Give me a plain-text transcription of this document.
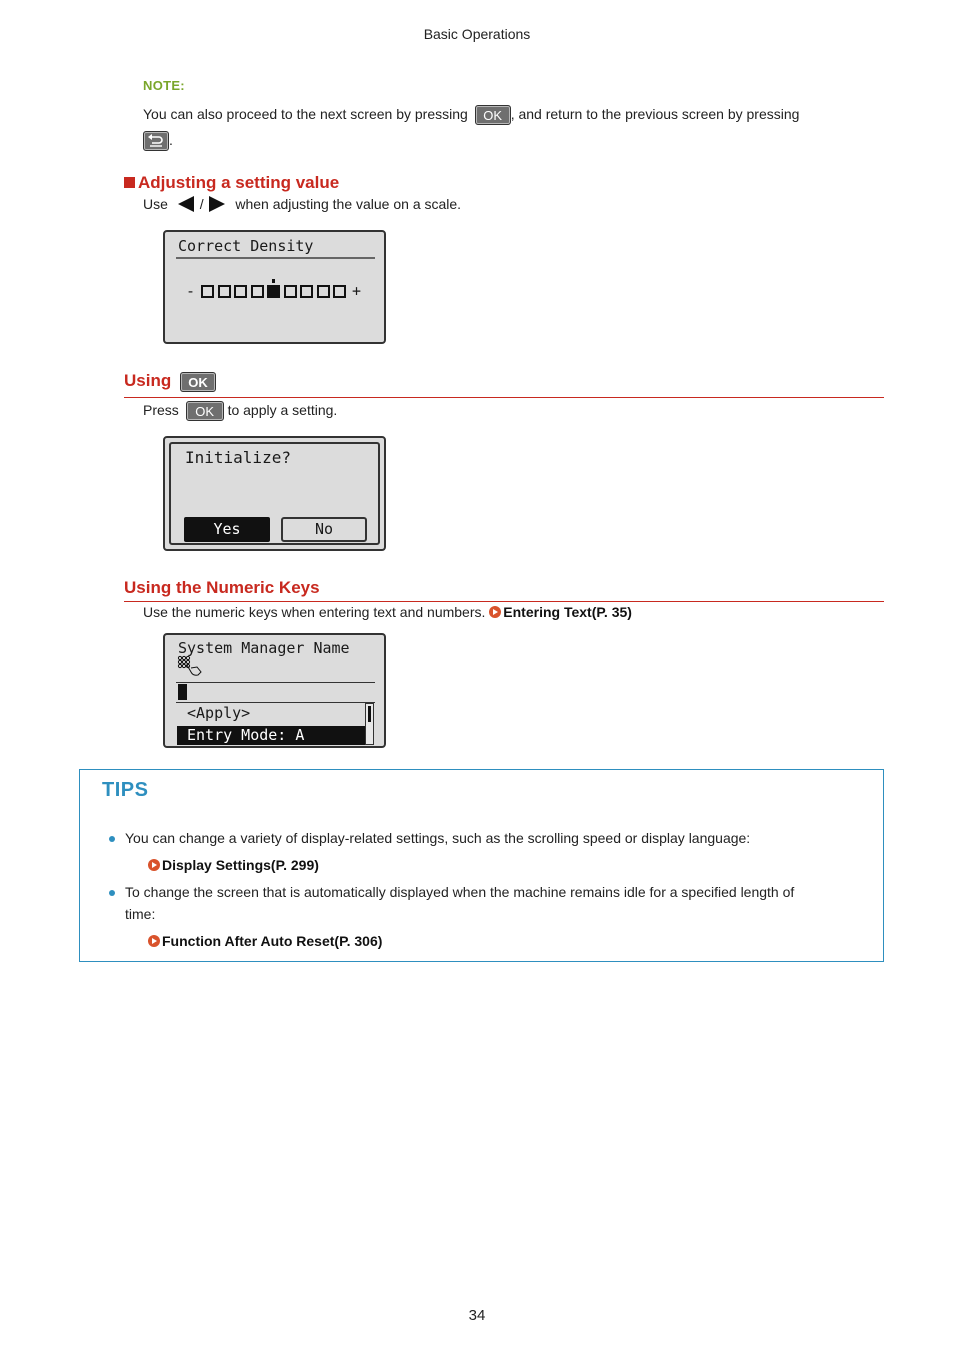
Basic Operations
NOTE:
You can also proceed to the next screen by pressing OK , and return to the previous screen by pressing
.
Adjusting a setting value
Use / when adjusting the value on a scale.
Correct Density
-	+
Using OK
Press OK to apply a setting.
Initialize?
Yes	No
Using the Numeric Keys
Use the numeric keys when entering text and numbers. Entering Text(P. 35)
System Manager Name
<Apply>
Entry Mode: A
TIPS
You can change a variety of display-related settings, such as the scrolling speed or display language:
Display Settings(P. 299)
To change the screen that is automatically displayed when the machine remains idle for a specified length of
time:
Function After Auto Reset(P. 306)
34
